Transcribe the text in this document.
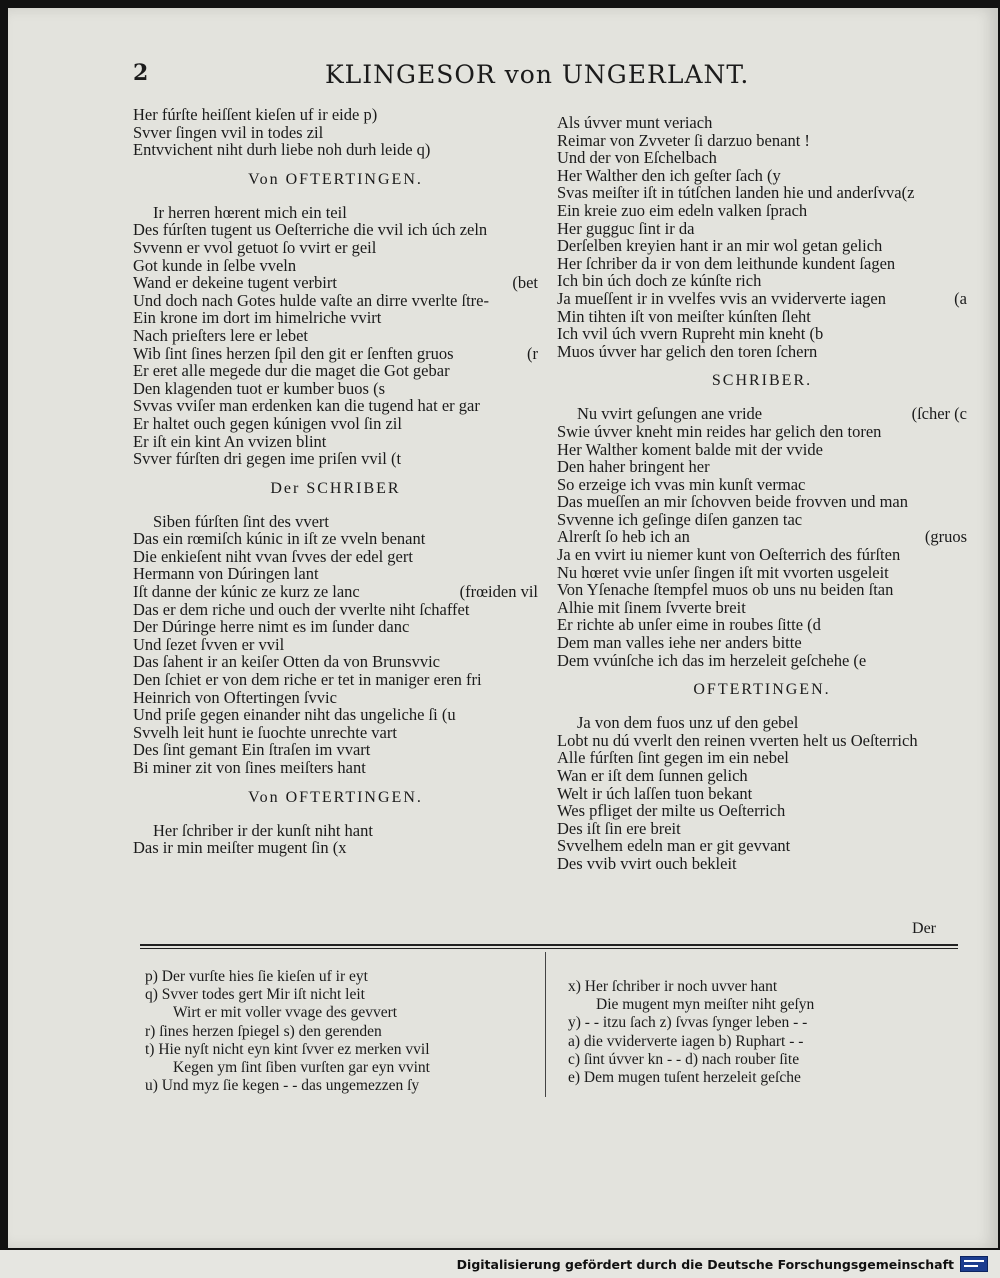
2	KLINGESOR von UNGERLANT.
Her fúrſte heiſſent kieſen uf ir eide p)
Svver ſingen vvil in todes zil
Entvvichent niht durh liebe noh durh leide q)
Von OFTERTINGEN.
Ir herren hœrent mich ein teil
Des fúrſten tugent us Oeſterriche die vvil ich úch zeln
Svvenn er vvol getuot ſo vvirt er geil
Got kunde in ſelbe vveln
Wand er dekeine tugent verbirt	(bet
Und doch nach Gotes hulde vaſte an dirre vverlte ſtre-
Ein krone im dort im himelriche vvirt
Nach prieſters lere er lebet
Wib ſint ſines herzen ſpil den git er ſenften gruos	(r
Er eret alle megede dur die maget die Got gebar
Den klagenden tuot er kumber buos (s
Svvas vviſer man erdenken kan die tugend hat er gar
Er haltet ouch gegen kúnigen vvol ſin zil
Er iſt ein kint An vvizen blint
Svver fúrſten dri gegen ime priſen vvil (t
Der SCHRIBER
Siben fúrſten ſint des vvert
Das ein rœmiſch kúnic in iſt ze vveln benant
Die enkieſent niht vvan ſvves der edel gert
Hermann von Dúringen lant
Iſt danne der kúnic ze kurz ze lanc	(frœiden vil
Das er dem riche und ouch der vverlte niht ſchaffet
Der Dúringe herre nimt es im ſunder danc
Und ſezet ſvven er vvil
Das ſahent ir an keiſer Otten da von Brunsvvic
Den ſchiet er von dem riche er tet in maniger eren fri
Heinrich von Oftertingen ſvvic
Und priſe gegen einander niht das ungeliche ſi (u
Svvelh leit hunt ie ſuochte unrechte vart
Des ſint gemant Ein ſtraſen im vvart
Bi miner zit von ſines meiſters hant
Von OFTERTINGEN.
Her ſchriber ir der kunſt niht hant
Das ir min meiſter mugent ſin (x
Als úvver munt veriach
Reimar von Zvveter ſi darzuo benant !
Und der von Eſchelbach
Her Walther den ich geſter ſach (y
Svas meiſter iſt in tútſchen landen hie und anderſvva(z
Ein kreie zuo eim edeln valken ſprach
Her gugguc ſint ir da
Derſelben kreyien hant ir an mir wol getan gelich
Her ſchriber da ir von dem leithunde kundent ſagen
Ich bin úch doch ze kúnſte rich
Ja mueſſent ir in vvelfes vvis an vviderverte iagen	(a
Min tihten iſt von meiſter kúnſten ſleht
Ich vvil úch vvern Rupreht min kneht (b
Muos úvver har gelich den toren ſchern
SCHRIBER.
Nu vvirt geſungen ane vride	(ſcher (c
Swie úvver kneht min reides har gelich den toren
Her Walther koment balde mit der vvide
Den haher bringent her
So erzeige ich vvas min kunſt vermac
Das mueſſen an mir ſchovven beide frovven und man
Svvenne ich geſinge diſen ganzen tac
Alrerſt ſo heb ich an	(gruos
Ja en vvirt iu niemer kunt von Oeſterrich des fúrſten
Nu hœret vvie unſer ſingen iſt mit vvorten usgeleit
Von Yſenache ſtempfel muos ob uns nu beiden ſtan
Alhie mit ſinem ſvverte breit
Er richte ab unſer eime in roubes ſitte (d
Dem man valles iehe ner anders bitte
Dem vvúnſche ich das im herzeleit geſchehe (e
OFTERTINGEN.
Ja von dem fuos unz uf den gebel
Lobt nu dú vverlt den reinen vverten helt us Oeſterrich
Alle fúrſten ſint gegen im ein nebel
Wan er iſt dem ſunnen gelich
Welt ir úch laſſen tuon bekant
Wes pfliget der milte us Oeſterrich
Des iſt ſin ere breit
Svvelhem edeln man er git gevvant
Des vvib vvirt ouch bekleit
Der
p) Der vurſte hies ſie kieſen uf ir eyt
q) Svver todes gert Mir iſt nicht leit
Wirt er mit voller vvage des gevvert
r) ſines herzen ſpiegel s) den gerenden
t) Hie nyſt nicht eyn kint ſvver ez merken vvil
Kegen ym ſint ſiben vurſten gar eyn vvint
u) Und myz ſie kegen - - das ungemezzen ſy
x) Her ſchriber ir noch uvver hant
Die mugent myn meiſter niht geſyn
y) - - itzu ſach z) ſvvas ſynger leben - -
a) die vviderverte iagen b) Ruphart - -
c) ſint úvver kn - - d) nach rouber ſite
e) Dem mugen tuſent herzeleit geſche
Digitalisierung gefördert durch die Deutsche Forschungsgemeinschaft
